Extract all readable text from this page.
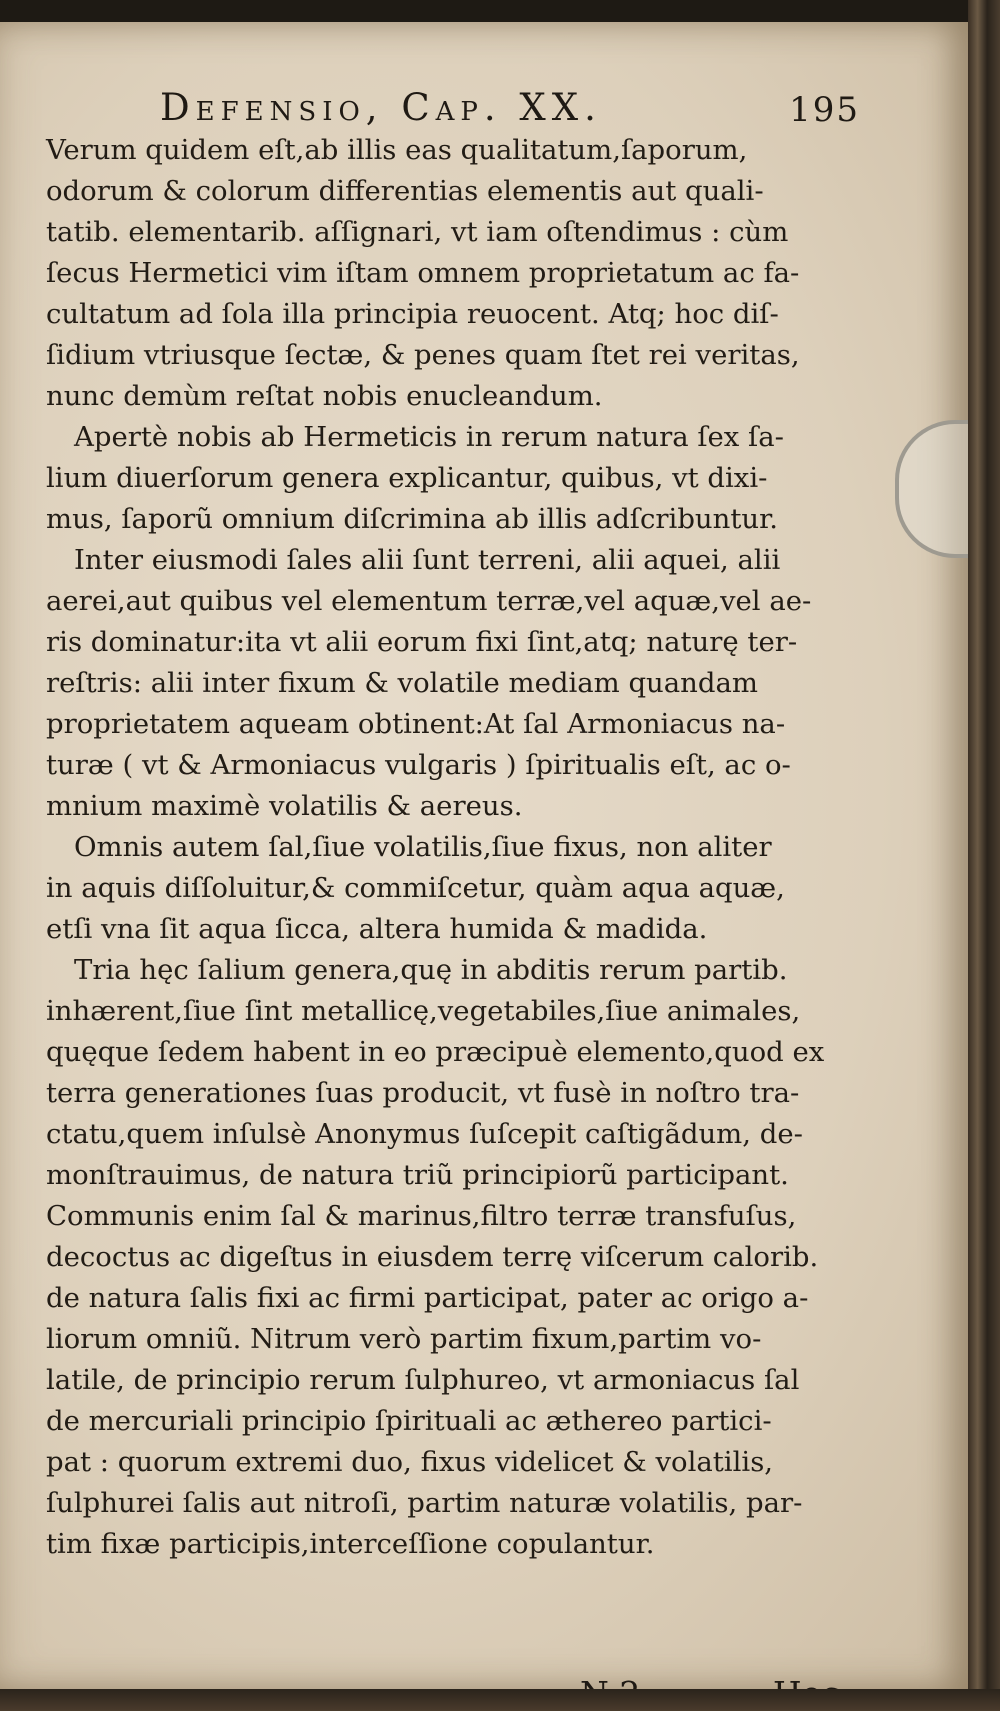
Defensio, Cap. XX.	195
Verum quidem eſt,ab illis eas qualitatum,ſaporum,
odorum & colorum differentias elementis aut quali-
tatib. elementarib. aſſignari, vt iam oſtendimus : cùm
ſecus Hermetici vim iſtam omnem proprietatum ac fa-
cultatum ad ſola illa principia reuocent. Atq; hoc diſ-
ſidium vtriusque ſectæ, & penes quam ſtet rei veritas,
nunc demùm reſtat nobis enucleandum.
Apertè nobis ab Hermeticis in rerum natura ſex ſa-
lium diuerſorum genera explicantur, quibus, vt dixi-
mus, ſaporũ omnium diſcrimina ab illis adſcribuntur.
Inter eiusmodi ſales alii ſunt terreni, alii aquei, alii
aerei,aut quibus vel elementum terræ,vel aquæ,vel ae-
ris dominatur:ita vt alii eorum fixi ſint,atq; naturę ter-
reſtris: alii inter fixum & volatile mediam quandam
proprietatem aqueam obtinent:At ſal Armoniacus na-
turæ ( vt & Armoniacus vulgaris ) ſpiritualis eſt, ac o-
mnium maximè volatilis & aereus.
Omnis autem ſal,ſiue volatilis,ſiue fixus, non aliter
in aquis diſſoluitur,& commiſcetur, quàm aqua aquæ,
etſi vna ſit aqua ſicca, altera humida & madida.
Tria hęc ſalium genera,quę in abditis rerum partib.
inhærent,ſiue ſint metallicę,vegetabiles,ſiue animales,
quęque ſedem habent in eo præcipuè elemento,quod ex
terra generationes ſuas producit, vt fusè in noſtro tra-
ctatu,quem inſulsè Anonymus ſuſcepit caſtigãdum, de-
monſtrauimus, de natura triũ principiorũ participant.
Communis enim ſal & marinus,filtro terræ transfuſus,
decoctus ac digeſtus in eiusdem terrę viſcerum calorib.
de natura ſalis fixi ac firmi participat, pater ac origo a-
liorum omniũ. Nitrum verò partim fixum,partim vo-
latile, de principio rerum ſulphureo, vt armoniacus ſal
de mercuriali principio ſpirituali ac æthereo partici-
pat : quorum extremi duo, fixus videlicet & volatilis,
ſulphurei ſalis aut nitroſi, partim naturæ volatilis, par-
tim fixæ participis,interceſſione copulantur.
